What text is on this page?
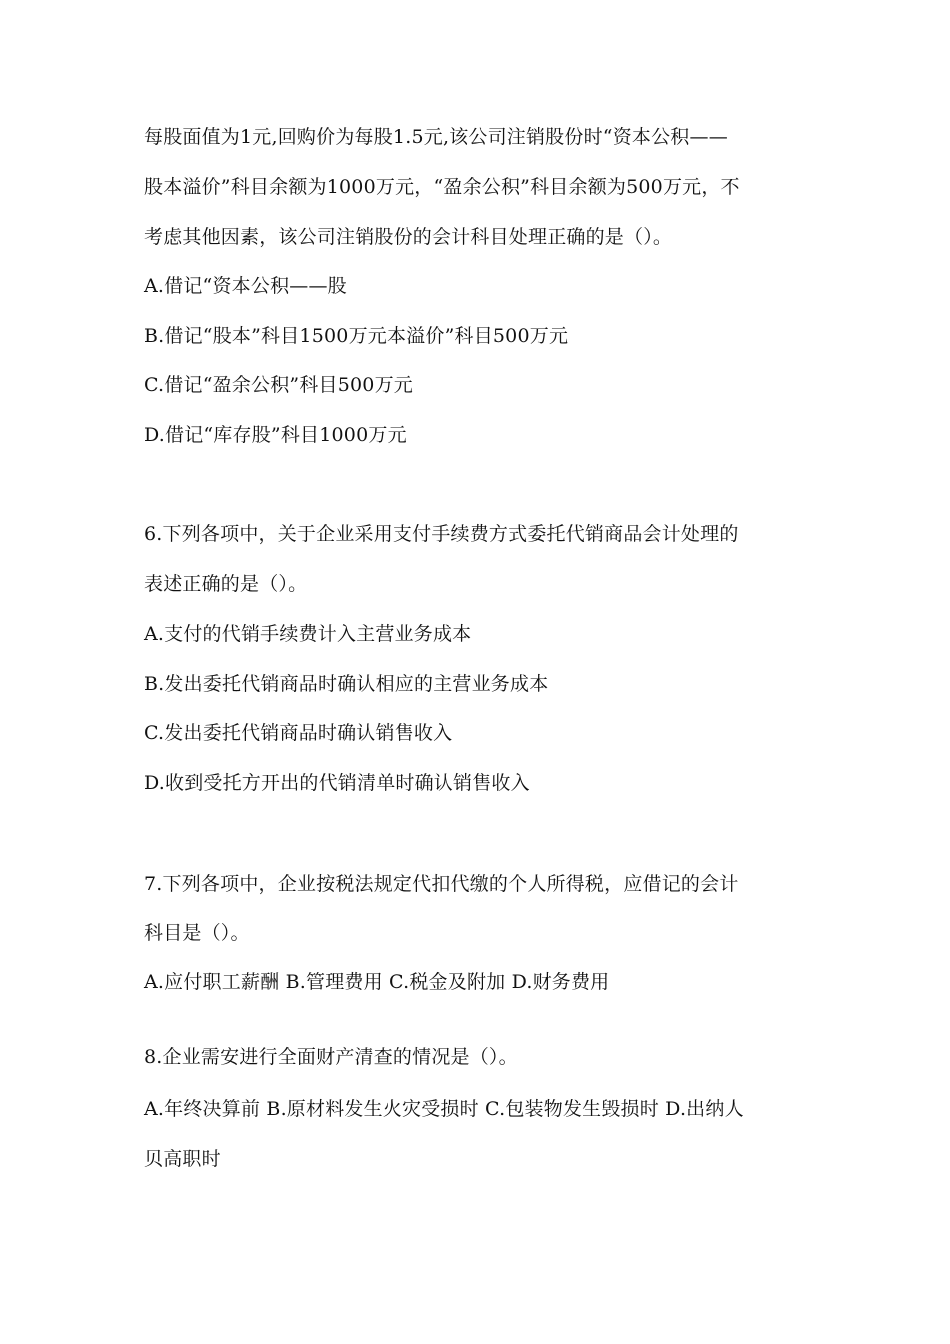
每股面值为1元,回购价为每股1.5元,该公司注销股份时“资本公积——
股本溢价”科目余额为1000万元，“盈余公积”科目余额为500万元，不
考虑其他因素，该公司注销股份的会计科目处理正确的是（）。
A.借记“资本公积——股
B.借记“股本”科目1500万元本溢价”科目500万元
C.借记“盈余公积”科目500万元
D.借记“库存股”科目1000万元
6.下列各项中，关于企业采用支付手续费方式委托代销商品会计处理的
表述正确的是（）。
A.支付的代销手续费计入主营业务成本
B.发出委托代销商品时确认相应的主营业务成本
C.发出委托代销商品时确认销售收入
D.收到受托方开出的代销清单时确认销售收入
7.下列各项中，企业按税法规定代扣代缴的个人所得税，应借记的会计
科目是（）。
A.应付职工薪酬 B.管理费用 C.税金及附加 D.财务费用
8.企业需安进行全面财产清查的情况是（）。
A.年终决算前 B.原材料发生火灾受损时 C.包装物发生毁损时 D.出纳人
贝高职时
